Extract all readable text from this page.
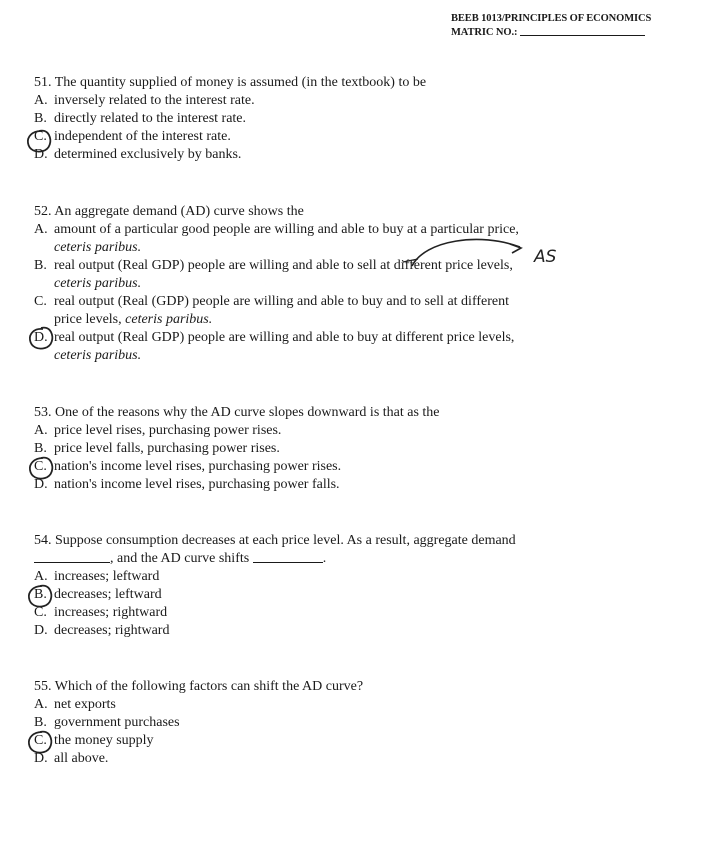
BEEB 1013/PRINCIPLES OF ECONOMICS
MATRIC NO.:
51. The quantity supplied of money is assumed (in the textbook) to be
A. inversely related to the interest rate.
B. directly related to the interest rate.
C. independent of the interest rate.
D. determined exclusively by banks.
52. An aggregate demand (AD) curve shows the
A. amount of a particular good people are willing and able to buy at a particular price,
ceteris paribus.
B. real output (Real GDP) people are willing and able to sell at different price levels,
ceteris paribus.
C. real output (Real (GDP) people are willing and able to buy and to sell at different
price levels, ceteris paribus.
D. real output (Real GDP) people are willing and able to buy at different price levels,
ceteris paribus.
53. One of the reasons why the AD curve slopes downward is that as the
A. price level rises, purchasing power rises.
B. price level falls, purchasing power rises.
C. nation's income level rises, purchasing power rises.
D. nation's income level rises, purchasing power falls.
54. Suppose consumption decreases at each price level. As a result, aggregate demand
, and the AD curve shifts	.
A. increases; leftward
B. decreases; leftward
C. increases; rightward
D. decreases; rightward
55. Which of the following factors can shift the AD curve?
A. net exports
B. government purchases
C. the money supply
D. all above.
AS
